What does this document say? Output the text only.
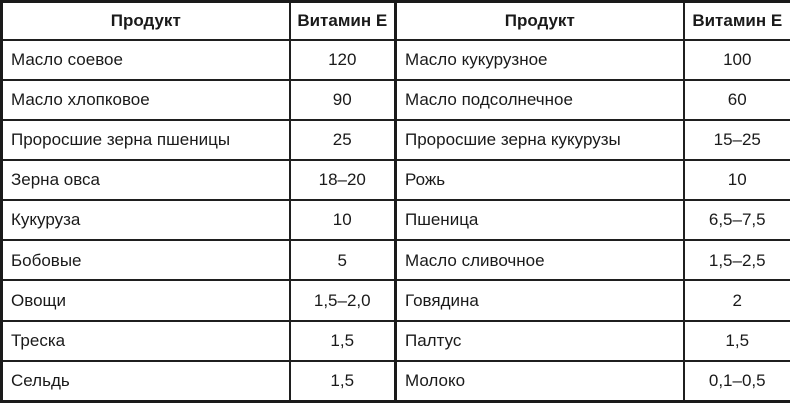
Продукт	Витамин Е	Продукт	Витамин Е
Масло соевое	120	Масло кукурузное	100
Масло хлопковое	90	Масло подсолнечное	60
Проросшие зерна пшеницы	25	Проросшие зерна кукурузы	15–25
Зерна овса	18–20	Рожь	10
Кукуруза	10	Пшеница	6,5–7,5
Бобовые	5	Масло сливочное	1,5–2,5
Овощи	1,5–2,0	Говядина	2
Треска	1,5	Палтус	1,5
Сельдь	1,5	Молоко	0,1–0,5
